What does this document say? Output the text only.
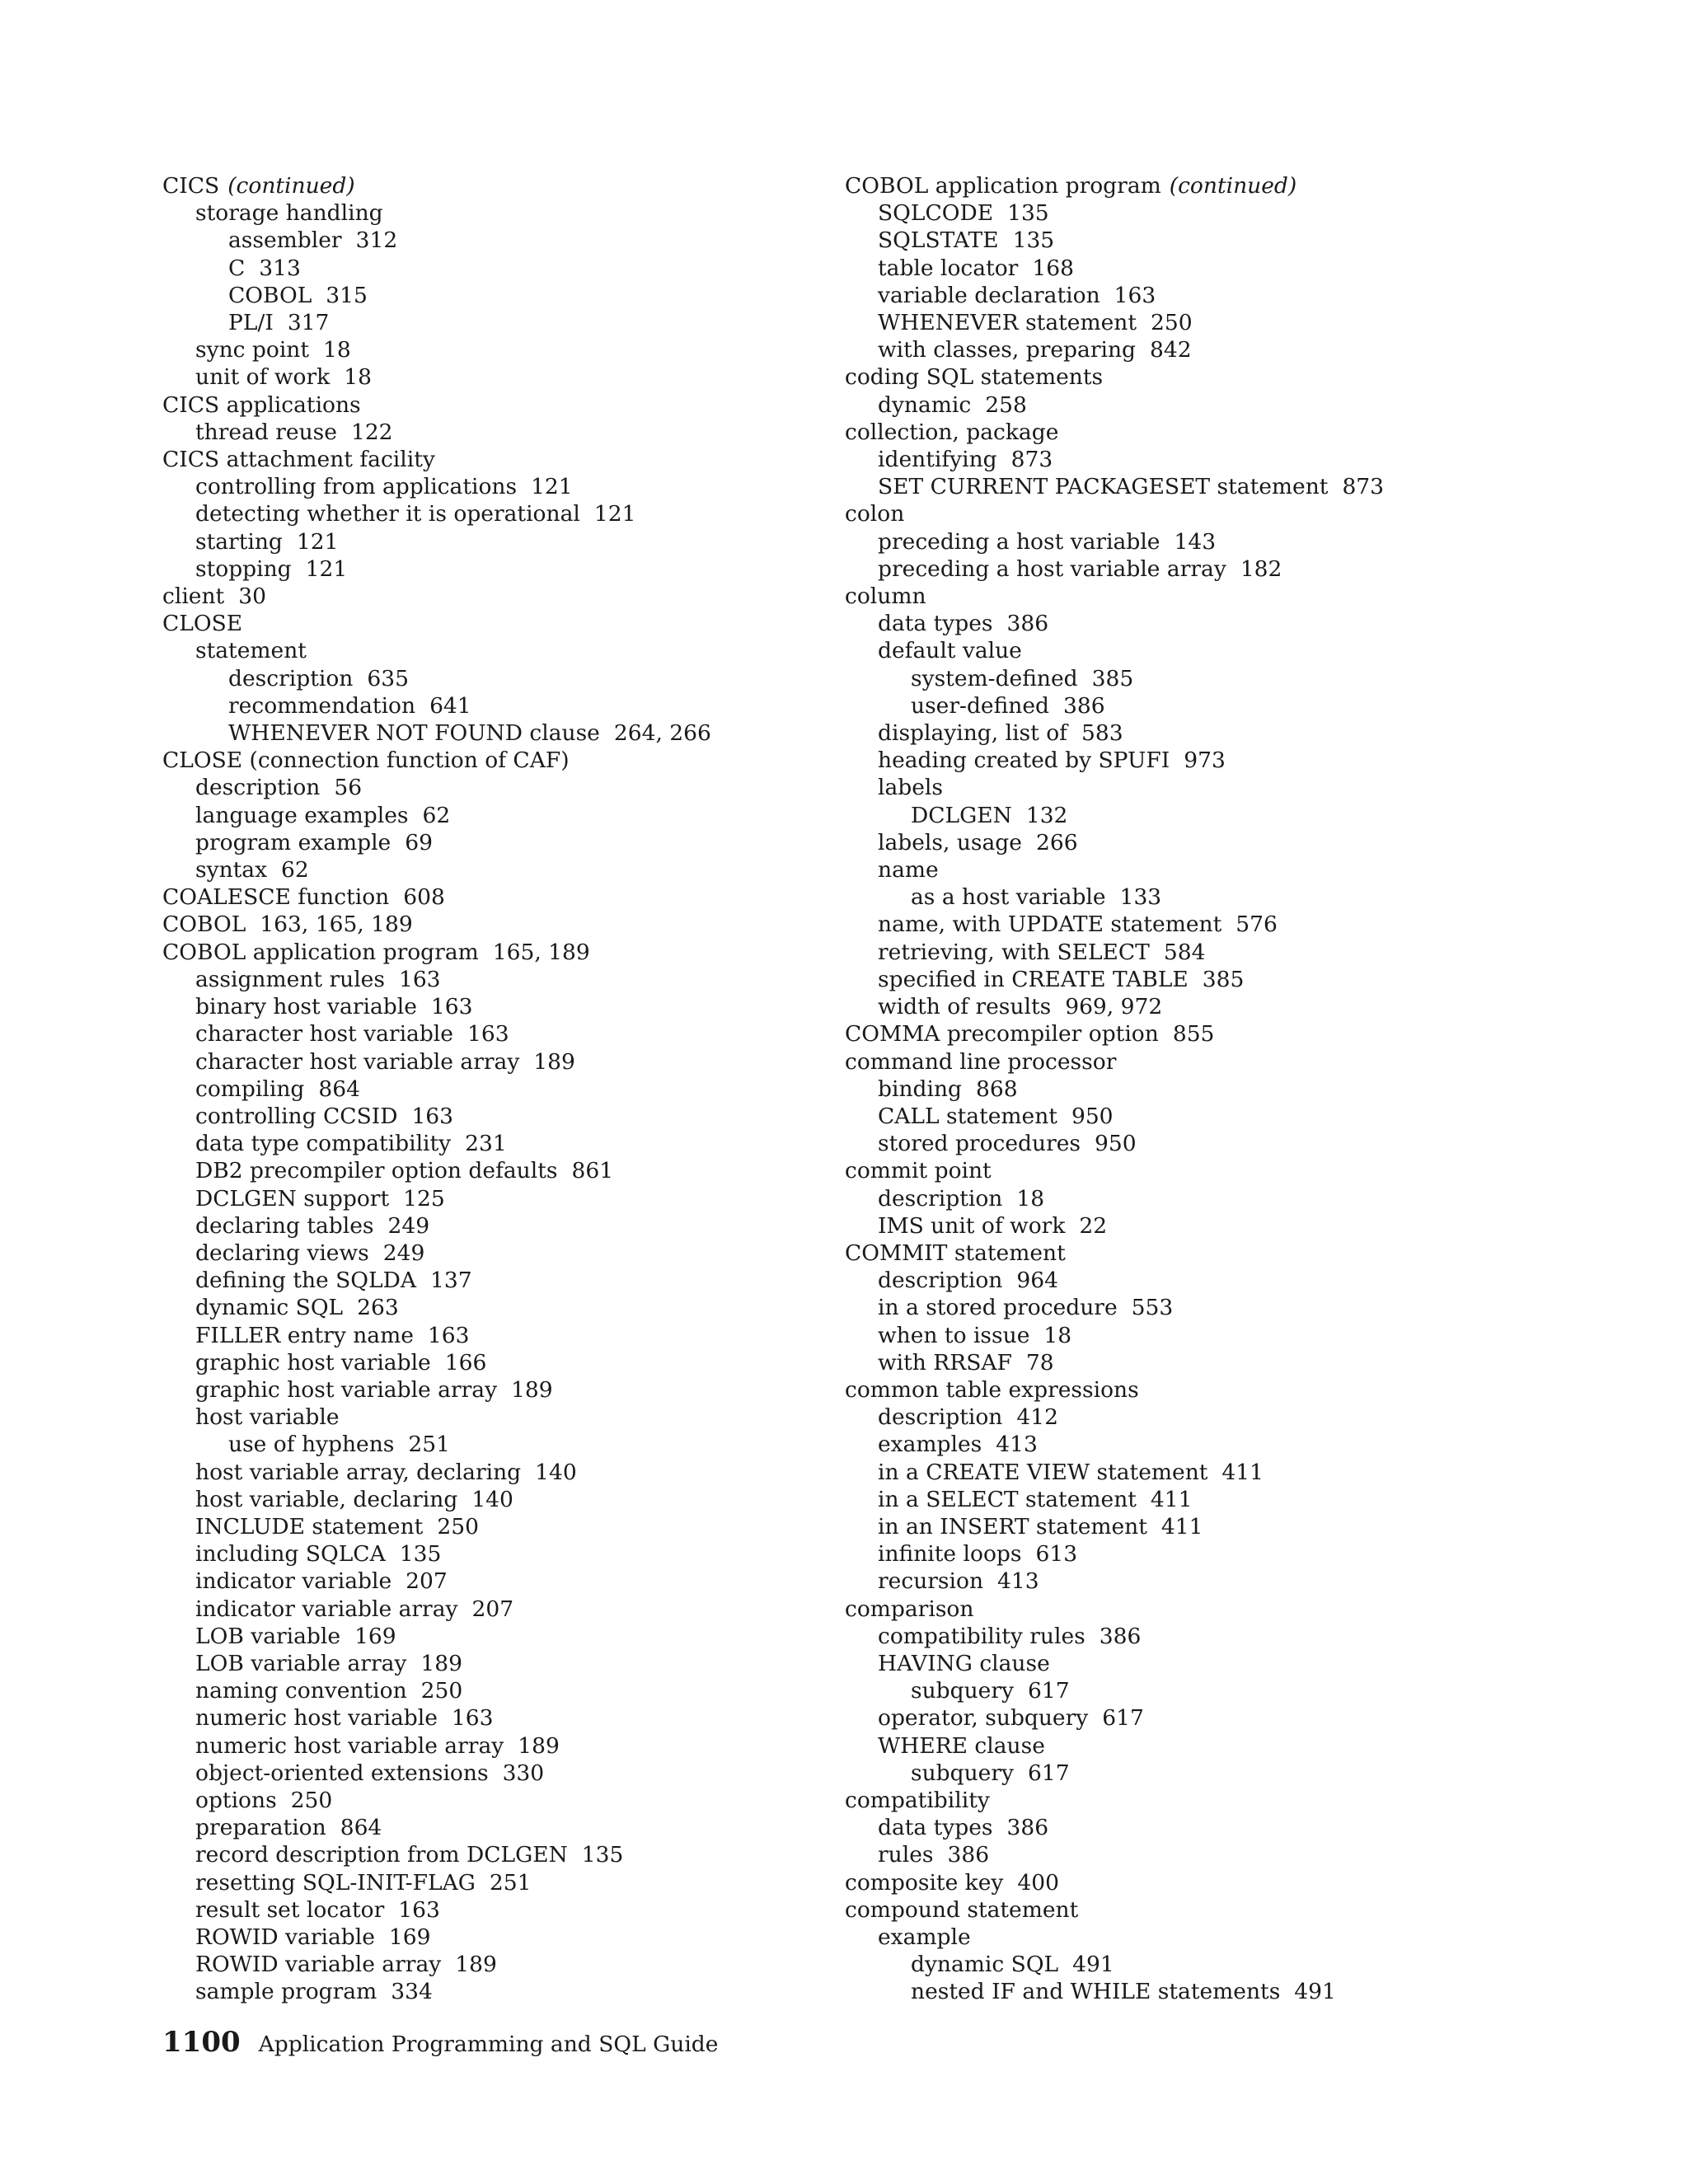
CICS (continued)
storage handling
assembler 312
C 313
COBOL 315
PL/I 317
sync point 18
unit of work 18
CICS applications
thread reuse 122
CICS attachment facility
controlling from applications 121
detecting whether it is operational 121
starting 121
stopping 121
client 30
CLOSE
statement
description 635
recommendation 641
WHENEVER NOT FOUND clause 264, 266
CLOSE (connection function of CAF)
description 56
language examples 62
program example 69
syntax 62
COALESCE function 608
COBOL 163, 165, 189
COBOL application program 165, 189
assignment rules 163
binary host variable 163
character host variable 163
character host variable array 189
compiling 864
controlling CCSID 163
data type compatibility 231
DB2 precompiler option defaults 861
DCLGEN support 125
declaring tables 249
declaring views 249
defining the SQLDA 137
dynamic SQL 263
FILLER entry name 163
graphic host variable 166
graphic host variable array 189
host variable
use of hyphens 251
host variable array, declaring 140
host variable, declaring 140
INCLUDE statement 250
including SQLCA 135
indicator variable 207
indicator variable array 207
LOB variable 169
LOB variable array 189
naming convention 250
numeric host variable 163
numeric host variable array 189
object-oriented extensions 330
options 250
preparation 864
record description from DCLGEN 135
resetting SQL-INIT-FLAG 251
result set locator 163
ROWID variable 169
ROWID variable array 189
sample program 334
COBOL application program (continued)
SQLCODE 135
SQLSTATE 135
table locator 168
variable declaration 163
WHENEVER statement 250
with classes, preparing 842
coding SQL statements
dynamic 258
collection, package
identifying 873
SET CURRENT PACKAGESET statement 873
colon
preceding a host variable 143
preceding a host variable array 182
column
data types 386
default value
system-defined 385
user-defined 386
displaying, list of 583
heading created by SPUFI 973
labels
DCLGEN 132
labels, usage 266
name
as a host variable 133
name, with UPDATE statement 576
retrieving, with SELECT 584
specified in CREATE TABLE 385
width of results 969, 972
COMMA precompiler option 855
command line processor
binding 868
CALL statement 950
stored procedures 950
commit point
description 18
IMS unit of work 22
COMMIT statement
description 964
in a stored procedure 553
when to issue 18
with RRSAF 78
common table expressions
description 412
examples 413
in a CREATE VIEW statement 411
in a SELECT statement 411
in an INSERT statement 411
infinite loops 613
recursion 413
comparison
compatibility rules 386
HAVING clause
subquery 617
operator, subquery 617
WHERE clause
subquery 617
compatibility
data types 386
rules 386
composite key 400
compound statement
example
dynamic SQL 491
nested IF and WHILE statements 491
1100 Application Programming and SQL Guide
